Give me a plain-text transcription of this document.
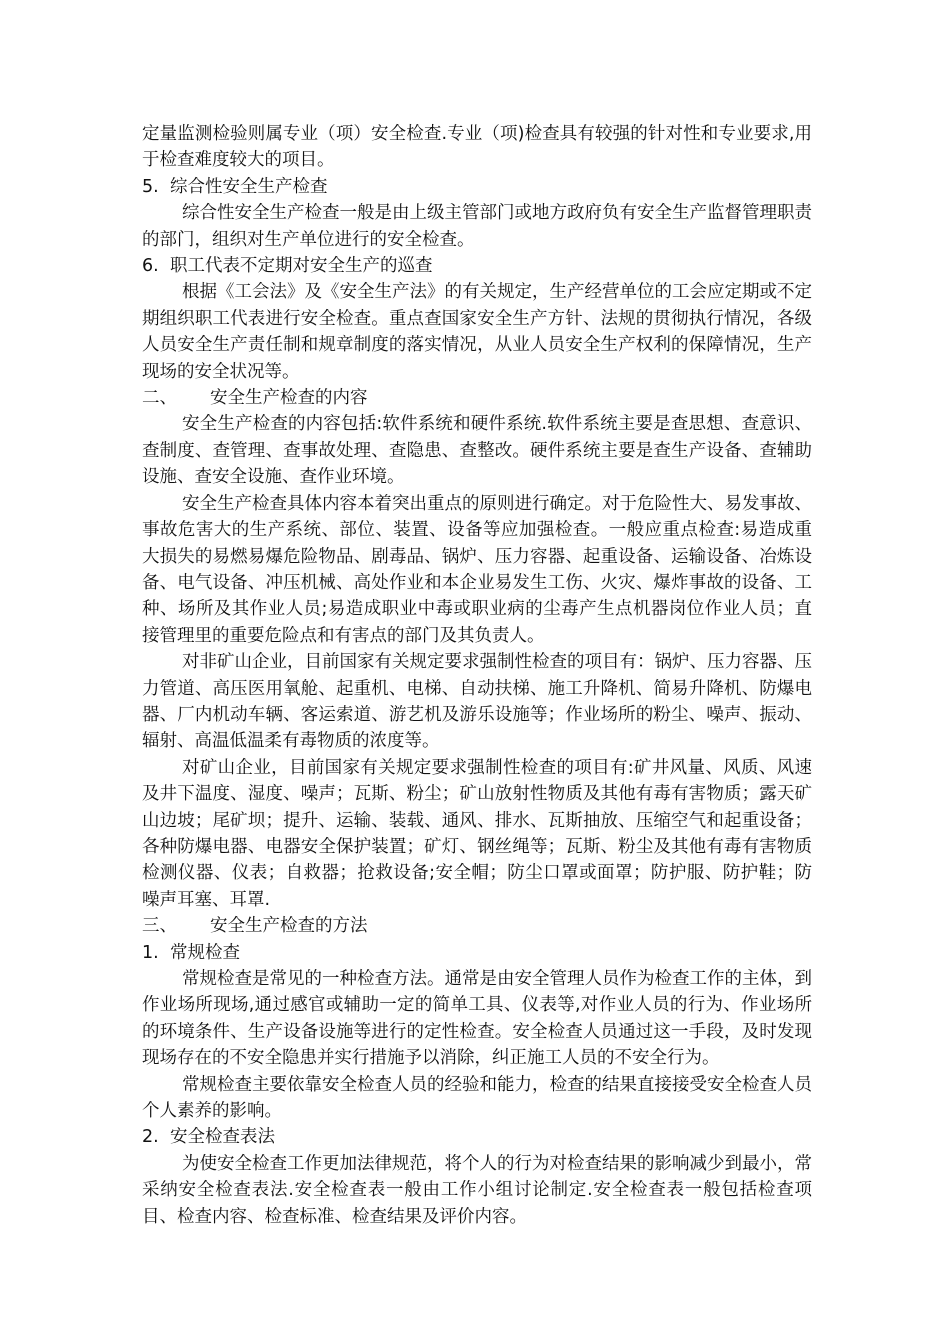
定量监测检验则属专业（项）安全检查.专业（项)检查具有较强的针对性和专业要求,用于检查难度较大的项目。

5. 综合性安全生产检查

综合性安全生产检查一般是由上级主管部门或地方政府负有安全生产监督管理职责的部门，组织对生产单位进行的安全检查。

6. 职工代表不定期对安全生产的巡查

根据《工会法》及《安全生产法》的有关规定，生产经营单位的工会应定期或不定期组织职工代表进行安全检查。重点查国家安全生产方针、法规的贯彻执行情况，各级人员安全生产责任制和规章制度的落实情况，从业人员安全生产权利的保障情况，生产现场的安全状况等。

二、 安全生产检查的内容

安全生产检查的内容包括:软件系统和硬件系统.软件系统主要是查思想、查意识、查制度、查管理、查事故处理、查隐患、查整改。硬件系统主要是查生产设备、查辅助设施、查安全设施、查作业环境。

安全生产检查具体内容本着突出重点的原则进行确定。对于危险性大、易发事故、事故危害大的生产系统、部位、装置、设备等应加强检查。一般应重点检查:易造成重大损失的易燃易爆危险物品、剧毒品、锅炉、压力容器、起重设备、运输设备、冶炼设备、电气设备、冲压机械、高处作业和本企业易发生工伤、火灾、爆炸事故的设备、工种、场所及其作业人员;易造成职业中毒或职业病的尘毒产生点机器岗位作业人员；直接管理里的重要危险点和有害点的部门及其负责人。

对非矿山企业，目前国家有关规定要求强制性检查的项目有：锅炉、压力容器、压力管道、高压医用氧舱、起重机、电梯、自动扶梯、施工升降机、简易升降机、防爆电器、厂内机动车辆、客运索道、游艺机及游乐设施等；作业场所的粉尘、噪声、振动、辐射、高温低温柔有毒物质的浓度等。

对矿山企业，目前国家有关规定要求强制性检查的项目有:矿井风量、风质、风速及井下温度、湿度、噪声；瓦斯、粉尘；矿山放射性物质及其他有毒有害物质；露天矿山边坡；尾矿坝；提升、运输、装载、通风、排水、瓦斯抽放、压缩空气和起重设备；各种防爆电器、电器安全保护装置；矿灯、钢丝绳等；瓦斯、粉尘及其他有毒有害物质检测仪器、仪表；自救器；抢救设备;安全帽；防尘口罩或面罩；防护服、防护鞋；防噪声耳塞、耳罩.

三、 安全生产检查的方法

1. 常规检查

常规检查是常见的一种检查方法。通常是由安全管理人员作为检查工作的主体，到作业场所现场,通过感官或辅助一定的简单工具、仪表等,对作业人员的行为、作业场所的环境条件、生产设备设施等进行的定性检查。安全检查人员通过这一手段，及时发现现场存在的不安全隐患并实行措施予以消除，纠正施工人员的不安全行为。

常规检查主要依靠安全检查人员的经验和能力，检查的结果直接接受安全检查人员个人素养的影响。

2. 安全检查表法

为使安全检查工作更加法律规范，将个人的行为对检查结果的影响减少到最小，常采纳安全检查表法.安全检查表一般由工作小组讨论制定.安全检查表一般包括检查项目、检查内容、检查标准、检查结果及评价内容。
